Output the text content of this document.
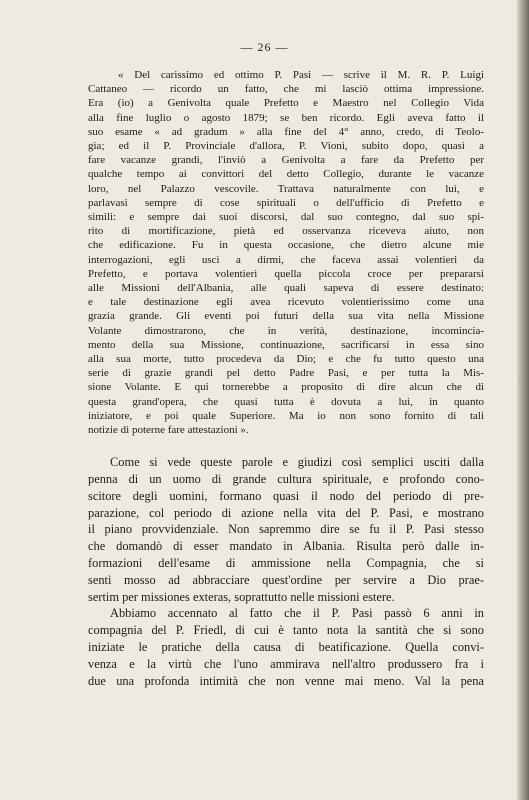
— 26 —
« Del carissimo ed ottimo P. Pasi — scrive il M. R. P. Luigi
Cattaneo — ricordo un fatto, che mi lasciò ottima impressione.
Era (io) a Genivolta quale Prefetto e Maestro nel Collegio Vida
alla fine luglio o agosto 1879; se ben ricordo. Egli aveva fatto il
suo esame « ad gradum » alla fine del 4° anno, credo, di Teolo-
gia; ed il P. Provinciale d'allora, P. Vioni, subito dopo, quasi a
fare vacanze grandi, l'inviò a Genivolta a fare da Prefetto per
qualche tempo ai convittori del detto Collegio, durante le vacanze
loro, nel Palazzo vescovile. Trattava naturalmente con lui, e
parlavasi sempre di cose spirituali o dell'ufficio di Prefetto e
simili: e sempre dai suoi discorsi, dal suo contegno, dal suo spi-
rito di mortificazione, pietà ed osservanza riceveva aiuto, non
che edificazione. Fu in questa occasione, che dietro alcune mie
interrogazioni, egli uscì a dirmi, che faceva assai volentieri da
Prefetto, e portava volentieri quella piccola croce per prepararsi
alle Missioni dell'Albania, alle quali sapeva di essere destinato:
e tale destinazione egli avea ricevuto volentierissimo come una
grazia grande. Gli eventi poi futuri della sua vita nella Missione
Volante dimostrarono, che in verità, destinazione, incomincia-
mento della sua Missione, continuazione, sacrificarsi in essa sino
alla sua morte, tutto procedeva da Dio; e che fu tutto questo una
serie di grazie grandi pel detto Padre Pasi, e per tutta la Mis-
sione Volante. E qui tornerebbe a proposito di dire alcun che di
questa grand'opera, che quasi tutta è dovuta a lui, in quanto
iniziatore, e poi quale Superiore. Ma io non sono fornito di tali
notizie di poterne fare attestazioni ».
Come si vede queste parole e giudizi così semplici usciti dalla
penna di un uomo di grande cultura spirituale, e profondo cono-
scitore degli uomini, formano quasi il nodo del periodo di pre-
parazione, col periodo di azione nella vita del P. Pasi, e mostrano
il piano provvidenziale. Non sapremmo dire se fu il P. Pasi stesso
che domandò di esser mandato in Albania. Risulta però dalle in-
formazioni dell'esame di ammissione nella Compagnia, che si
sentì mosso ad abbracciare quest'ordine per servire a Dio prae-
sertim per missiones exteras, soprattutto nelle missioni estere.
Abbiamo accennato al fatto che il P. Pasi passò 6 anni in
compagnia del P. Friedl, di cui è tanto nota la santità che si sono
iniziate le pratiche della causa di beatificazione. Quella convi-
venza e la virtù che l'uno ammirava nell'altro produssero fra i
due una profonda intimità che non venne mai meno. Val la pena
